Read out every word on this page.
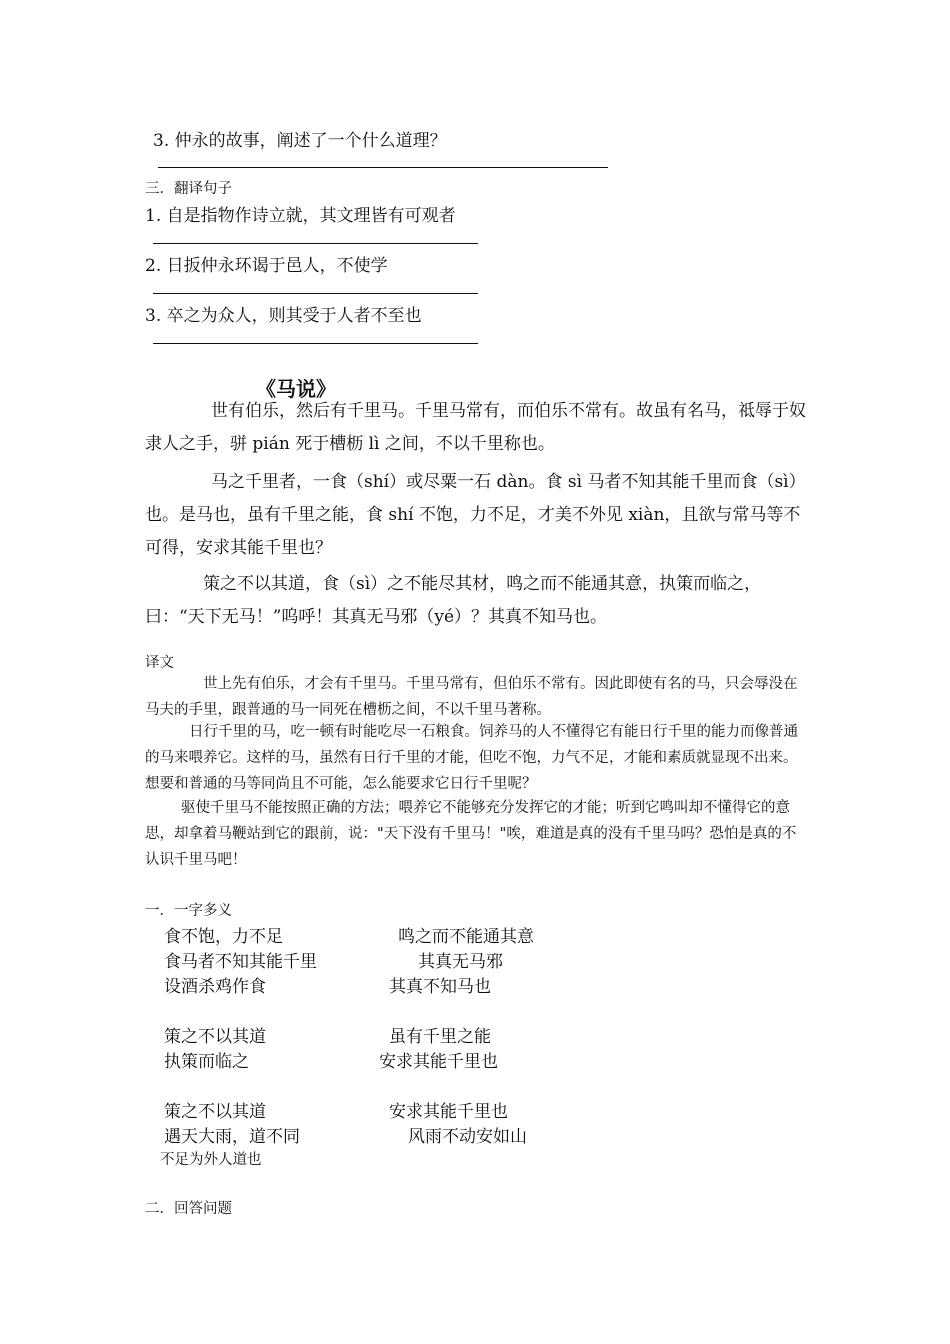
3. 仲永的故事，阐述了一个什么道理？
三．翻译句子
1. 自是指物作诗立就，其文理皆有可观者
2. 日扳仲永环谒于邑人，不使学
3. 卒之为众人，则其受于人者不至也
《马说》
世有伯乐，然后有千里马。千里马常有，而伯乐不常有。故虽有名马，祗辱于奴隶人之手，骈 pián 死于槽枥 lì 之间，不以千里称也。
马之千里者，一食（shí）或尽粟一石 dàn。食 sì 马者不知其能千里而食（sì）也。是马也，虽有千里之能，食 shí 不饱，力不足，才美不外见 xiàn，且欲与常马等不可得，安求其能千里也？
策之不以其道，食（sì）之不能尽其材，鸣之而不能通其意，执策而临之，曰：“天下无马！”呜呼！其真无马邪（yé）？其真不知马也。
译文
世上先有伯乐，才会有千里马。千里马常有，但伯乐不常有。因此即使有名的马，只会辱没在马夫的手里，跟普通的马一同死在槽枥之间，不以千里马著称。
日行千里的马，吃一顿有时能吃尽一石粮食。饲养马的人不懂得它有能日行千里的能力而像普通的马来喂养它。这样的马，虽然有日行千里的才能，但吃不饱，力气不足，才能和素质就显现不出来。想要和普通的马等同尚且不可能，怎么能要求它日行千里呢？
驱使千里马不能按照正确的方法；喂养它不能够充分发挥它的才能；听到它鸣叫却不懂得它的意思，却拿着马鞭站到它的跟前，说："天下没有千里马！"唉，难道是真的没有千里马吗？恐怕是真的不认识千里马吧！
一．一字多义
食不饱，力不足	鸣之而不能通其意
食马者不知其能千里	其真无马邪
设酒杀鸡作食	其真不知马也
策之不以其道	虽有千里之能
执策而临之	安求其能千里也
策之不以其道	安求其能千里也
遇天大雨，道不同	风雨不动安如山
不足为外人道也
二．回答问题
